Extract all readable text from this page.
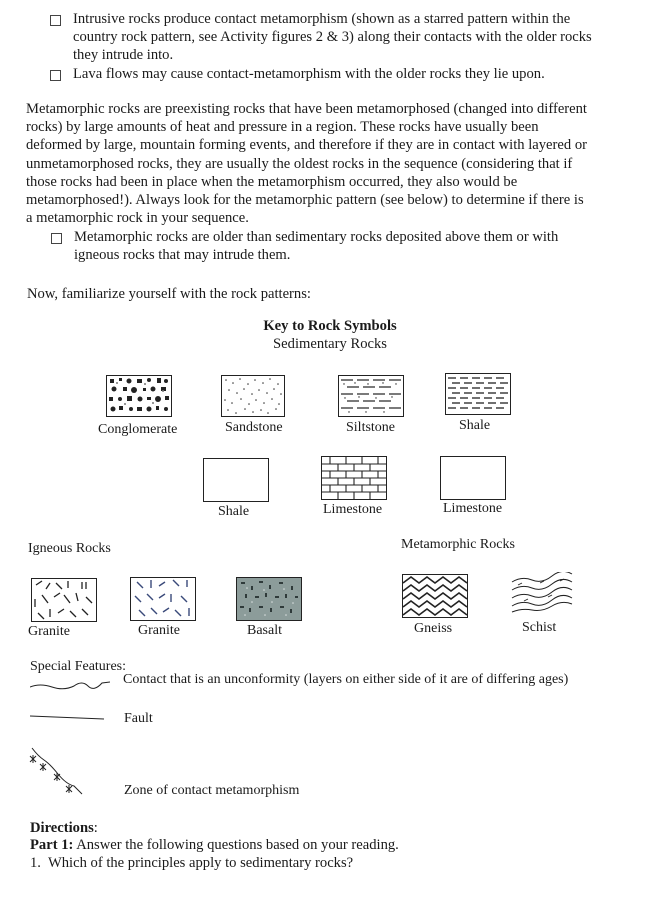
Intrusive rocks produce contact metamorphism (shown as a starred pattern within the
country rock pattern, see Activity figures 2 & 3) along their contacts with the older rocks
they intrude into.
Lava flows may cause contact-metamorphism with the older rocks they lie upon.
Metamorphic rocks are preexisting rocks that have been metamorphosed (changed into different
rocks) by large amounts of heat and pressure in a region. These rocks have usually been
deformed by large, mountain forming events, and therefore if they are in contact with layered or
unmetamorphosed rocks, they are usually the oldest rocks in the sequence (considering that if
those rocks had been in place when the metamorphism occurred, they also would be
metamorphosed!). Always look for the metamorphic pattern (see below) to determine if there is
a metamorphic rock in your sequence.
Metamorphic rocks are older than sedimentary rocks deposited above them or with
igneous rocks that may intrude them.
Now, familiarize yourself with the rock patterns:
Key to Rock Symbols
Sedimentary Rocks
Conglomerate	Sandstone	Siltstone	Shale
Shale	Limestone	Limestone
Igneous Rocks	Metamorphic Rocks
Granite	Granite	Basalt	Gneiss	Schist
Special Features:
Contact that is an unconformity (layers on either side of it are of differing ages)
Fault
Zone of contact metamorphism
Directions:
Part 1: Answer the following questions based on your reading.
1.  Which of the principles apply to sedimentary rocks?
